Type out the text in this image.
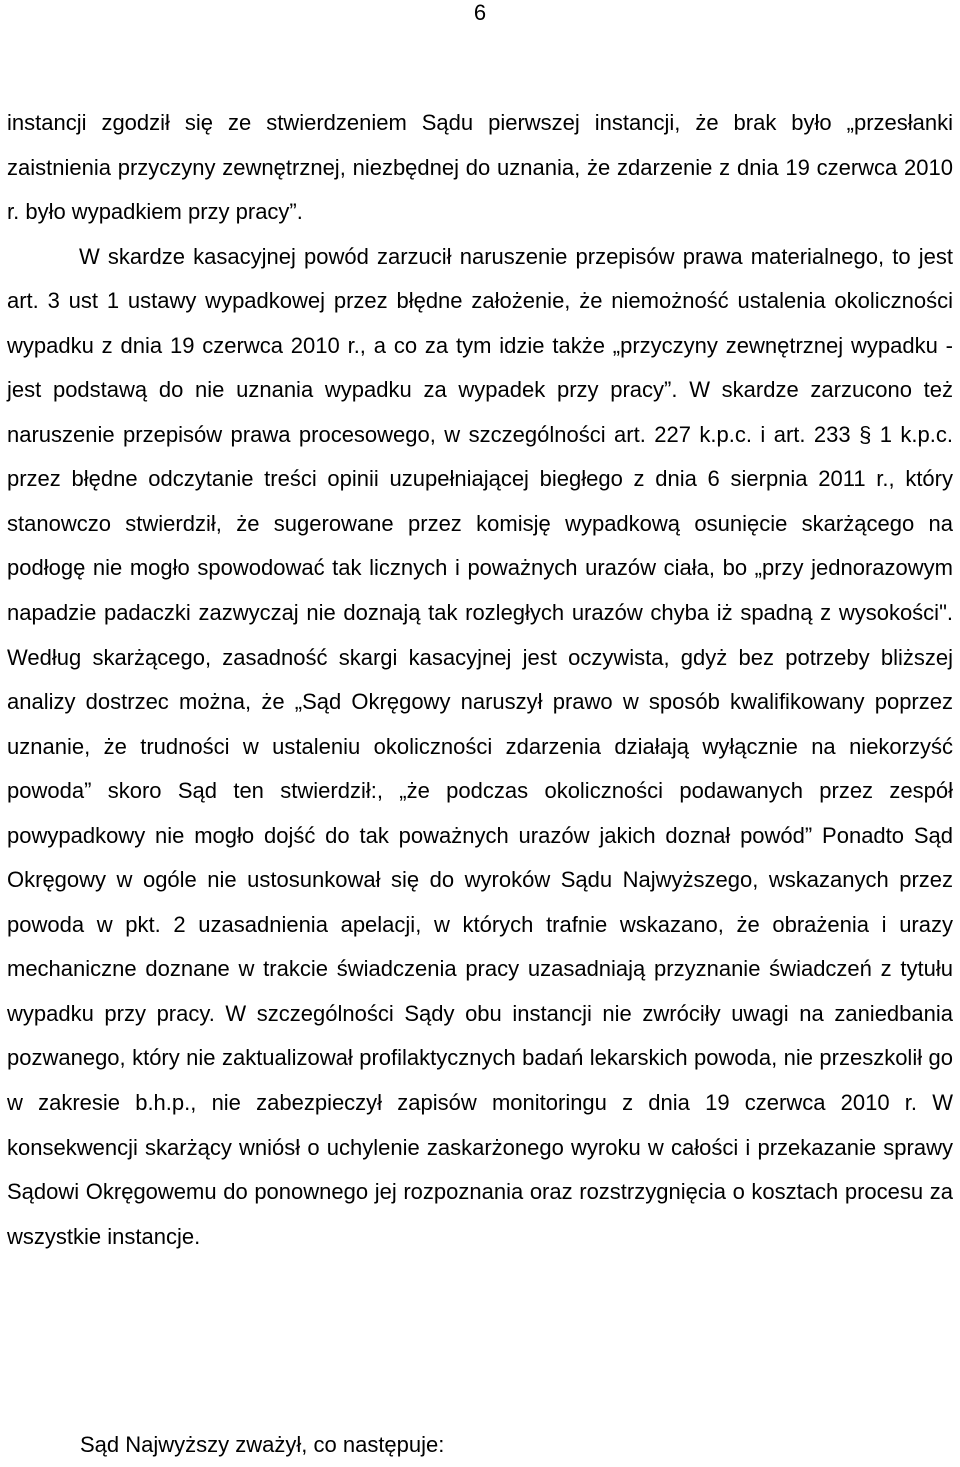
6

instancji zgodził się ze stwierdzeniem Sądu pierwszej instancji, że brak było „przesłanki zaistnienia przyczyny zewnętrznej, niezbędnej do uznania, że zdarzenie z dnia 19 czerwca 2010 r. było wypadkiem przy pracy”.

W skardze kasacyjnej powód zarzucił naruszenie przepisów prawa materialnego, to jest art. 3 ust 1 ustawy wypadkowej przez błędne założenie, że niemożność ustalenia okoliczności wypadku z dnia 19 czerwca 2010 r., a co za tym idzie także „przyczyny zewnętrznej wypadku - jest podstawą do nie uznania wypadku za wypadek przy pracy”. W skardze zarzucono też naruszenie przepisów prawa procesowego, w szczególności art. 227 k.p.c. i art. 233 § 1 k.p.c. przez błędne odczytanie treści opinii uzupełniającej biegłego z dnia 6 sierpnia 2011 r., który stanowczo stwierdził, że sugerowane przez komisję wypadkową osunięcie skarżącego na podłogę nie mogło spowodować tak licznych i poważnych urazów ciała, bo „przy jednorazowym napadzie padaczki zazwyczaj nie doznają tak rozległych urazów chyba iż spadną z wysokości". Według skarżącego, zasadność skargi kasacyjnej jest oczywista, gdyż bez potrzeby bliższej analizy dostrzec można, że „Sąd Okręgowy naruszył prawo w sposób kwalifikowany poprzez uznanie, że trudności w ustaleniu okoliczności zdarzenia działają wyłącznie na niekorzyść powoda” skoro Sąd ten stwierdził:, „że podczas okoliczności podawanych przez zespół powypadkowy nie mogło dojść do tak poważnych urazów jakich doznał powód” Ponadto Sąd Okręgowy w ogóle nie ustosunkował się do wyroków Sądu Najwyższego, wskazanych przez powoda w pkt. 2 uzasadnienia apelacji, w których trafnie wskazano, że obrażenia i urazy mechaniczne doznane w trakcie świadczenia pracy uzasadniają przyznanie świadczeń z tytułu wypadku przy pracy. W szczególności Sądy obu instancji nie zwróciły uwagi na zaniedbania pozwanego, który nie zaktualizował profilaktycznych badań lekarskich powoda, nie przeszkolił go w zakresie b.h.p., nie zabezpieczył zapisów monitoringu z dnia 19 czerwca 2010 r. W konsekwencji skarżący wniósł o uchylenie zaskarżonego wyroku w całości i przekazanie sprawy Sądowi Okręgowemu do ponownego jej rozpoznania oraz rozstrzygnięcia o kosztach procesu za wszystkie instancje.

Sąd Najwyższy zważył, co następuje:
